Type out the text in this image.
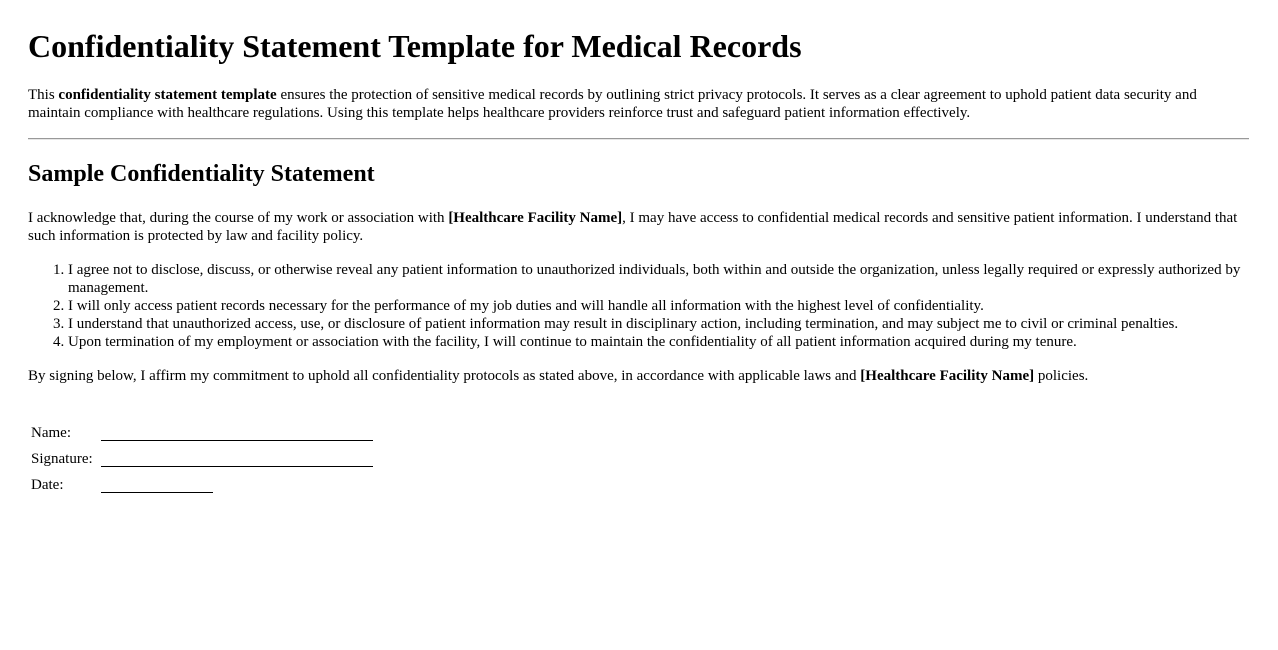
Confidentiality Statement Template for Medical Records

This confidentiality statement template ensures the protection of sensitive medical records by outlining strict privacy protocols. It serves as a clear agreement to uphold patient data security and maintain compliance with healthcare regulations. Using this template helps healthcare providers reinforce trust and safeguard patient information effectively.

Sample Confidentiality Statement

I acknowledge that, during the course of my work or association with [Healthcare Facility Name], I may have access to confidential medical records and sensitive patient information. I understand that such information is protected by law and facility policy.

1. I agree not to disclose, discuss, or otherwise reveal any patient information to unauthorized individuals, both within and outside the organization, unless legally required or expressly authorized by management.
2. I will only access patient records necessary for the performance of my job duties and will handle all information with the highest level of confidentiality.
3. I understand that unauthorized access, use, or disclosure of patient information may result in disciplinary action, including termination, and may subject me to civil or criminal penalties.
4. Upon termination of my employment or association with the facility, I will continue to maintain the confidentiality of all patient information acquired during my tenure.

By signing below, I affirm my commitment to uphold all confidentiality protocols as stated above, in accordance with applicable laws and [Healthcare Facility Name] policies.

Name:	
Signature:	
Date:	
